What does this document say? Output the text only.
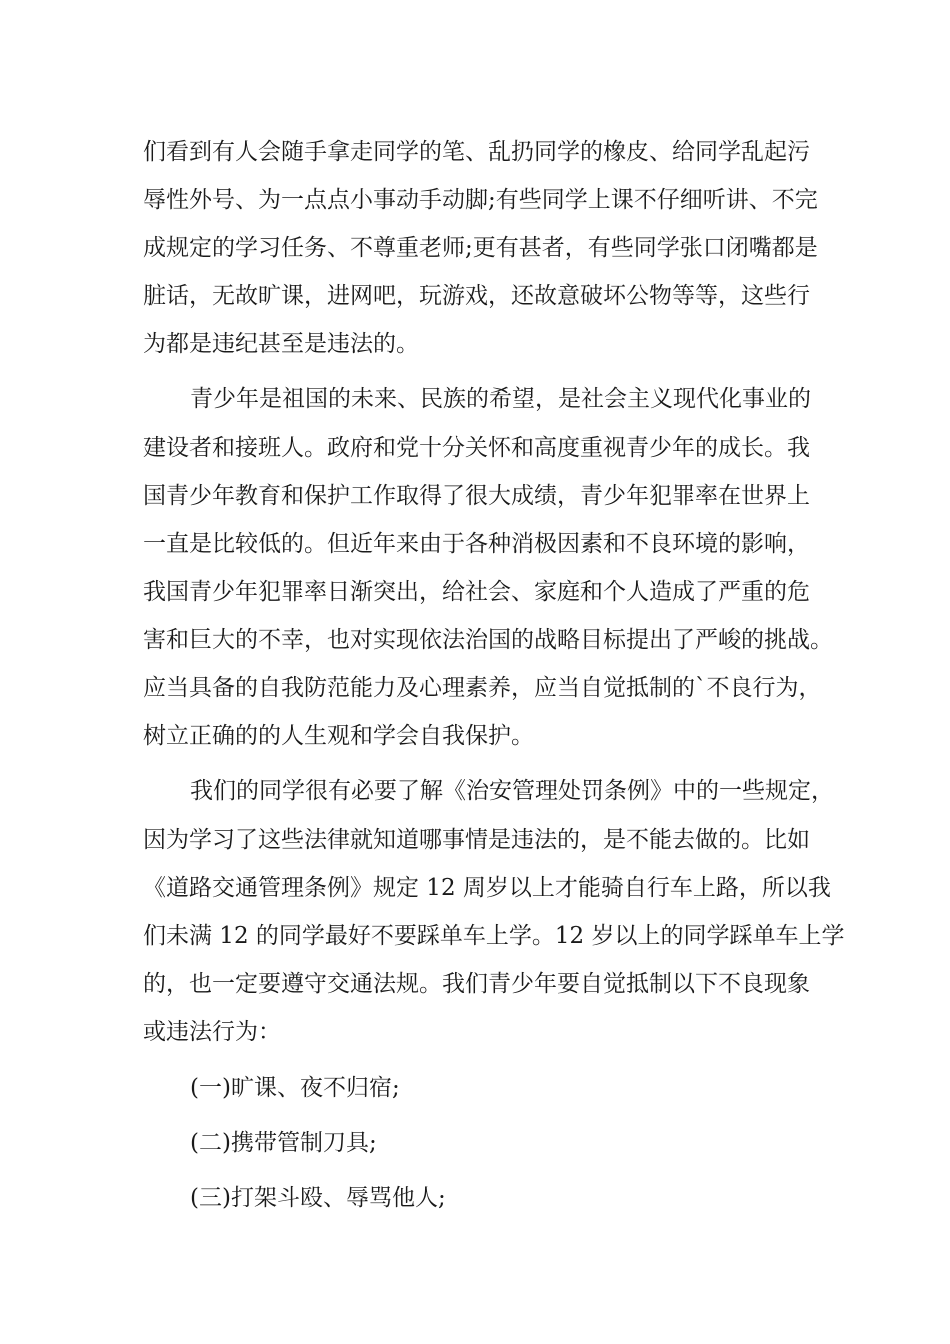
们看到有人会随手拿走同学的笔、乱扔同学的橡皮、给同学乱起污
辱性外号、为一点点小事动手动脚;有些同学上课不仔细听讲、不完
成规定的学习任务、不尊重老师;更有甚者，有些同学张口闭嘴都是
脏话，无故旷课，进网吧，玩游戏，还故意破坏公物等等，这些行
为都是违纪甚至是违法的。
青少年是祖国的未来、民族的希望，是社会主义现代化事业的
建设者和接班人。政府和党十分关怀和高度重视青少年的成长。我
国青少年教育和保护工作取得了很大成绩，青少年犯罪率在世界上
一直是比较低的。但近年来由于各种消极因素和不良环境的影响，
我国青少年犯罪率日渐突出，给社会、家庭和个人造成了严重的危
害和巨大的不幸，也对实现依法治国的战略目标提出了严峻的挑战。
应当具备的自我防范能力及心理素养，应当自觉抵制的`不良行为，
树立正确的的人生观和学会自我保护。
我们的同学很有必要了解《治安管理处罚条例》中的一些规定，
因为学习了这些法律就知道哪事情是违法的，是不能去做的。比如
《道路交通管理条例》规定 12 周岁以上才能骑自行车上路，所以我
们未满 12 的同学最好不要踩单车上学。12 岁以上的同学踩单车上学
的，也一定要遵守交通法规。我们青少年要自觉抵制以下不良现象
或违法行为：
(一)旷课、夜不归宿;
(二)携带管制刀具;
(三)打架斗殴、辱骂他人;
